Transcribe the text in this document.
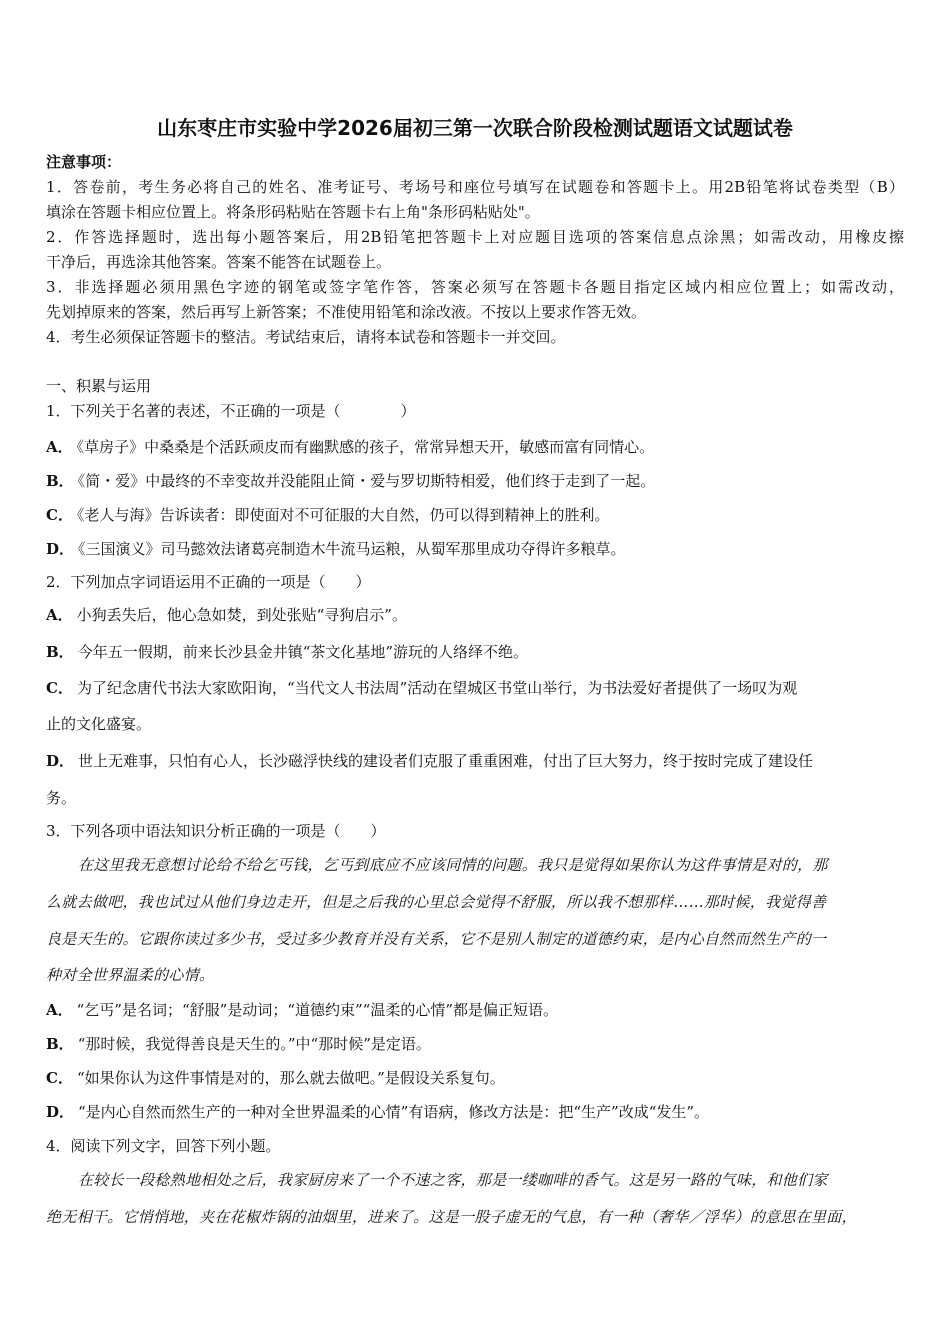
山东枣庄市实验中学2026届初三第一次联合阶段检测试题语文试题试卷
注意事项：
1．答卷前，考生务必将自己的姓名、准考证号、考场号和座位号填写在试题卷和答题卡上。用2B铅笔将试卷类型（B）
填涂在答题卡相应位置上。将条形码粘贴在答题卡右上角"条形码粘贴处"。
2．作答选择题时，选出每小题答案后，用2B铅笔把答题卡上对应题目选项的答案信息点涂黑；如需改动，用橡皮擦
干净后，再选涂其他答案。答案不能答在试题卷上。
3．非选择题必须用黑色字迹的钢笔或签字笔作答，答案必须写在答题卡各题目指定区域内相应位置上；如需改动，
先划掉原来的答案，然后再写上新答案；不准使用铅笔和涂改液。不按以上要求作答无效。
4．考生必须保证答题卡的整洁。考试结束后，请将本试卷和答题卡一并交回。
一、积累与运用
1．下列关于名著的表述，不正确的一项是（　　　　）
A． 《草房子》中桑桑是个活跃顽皮而有幽默感的孩子，常常异想天开，敏感而富有同情心。
B． 《简・爱》中最终的不幸变故并没能阻止简・爱与罗切斯特相爱，他们终于走到了一起。
C． 《老人与海》告诉读者：即使面对不可征服的大自然，仍可以得到精神上的胜利。
D． 《三国演义》司马懿效法诸葛亮制造木牛流马运粮，从蜀军那里成功夺得许多粮草。
2．下列加点字词语运用不正确的一项是（　　）
A． 小狗丢失后，他心急如焚，到处张贴“寻狗启示”。
B． 今年五一假期，前来长沙县金井镇“茶文化基地”游玩的人络绎不绝。
C． 为了纪念唐代书法大家欧阳询，“当代文人书法周”活动在望城区书堂山举行，为书法爱好者提供了一场叹为观
止的文化盛宴。
D． 世上无难事，只怕有心人，长沙磁浮快线的建设者们克服了重重困难，付出了巨大努力，终于按时完成了建设任
务。
3．下列各项中语法知识分析正确的一项是（　　）
在这里我无意想讨论给不给乞丐钱，乞丐到底应不应该同情的问题。我只是觉得如果你认为这件事情是对的，那
么就去做吧，我也试过从他们身边走开，但是之后我的心里总会觉得不舒服，所以我不想那样……那时候，我觉得善
良是天生的。它跟你读过多少书，受过多少教育并没有关系，它不是别人制定的道德约束，是内心自然而然生产的一
种对全世界温柔的心情。
A． “乞丐”是名词；“舒服”是动词；“道德约束”“温柔的心情”都是偏正短语。
B． “那时候，我觉得善良是天生的。”中“那时候”是定语。
C． “如果你认为这件事情是对的，那么就去做吧。”是假设关系复句。
D． “是内心自然而然生产的一种对全世界温柔的心情”有语病，修改方法是：把“生产”改成“发生”。
4．阅读下列文字，回答下列小题。
在较长一段稔熟地相处之后，我家厨房来了一个不速之客，那是一缕咖啡的香气。这是另一路的气味，和他们家
绝无相干。它悄悄地，夹在花椒炸锅的油烟里，进来了。这是一股子虚无的气息，有一种（奢华／浮华）的意思在里面，
